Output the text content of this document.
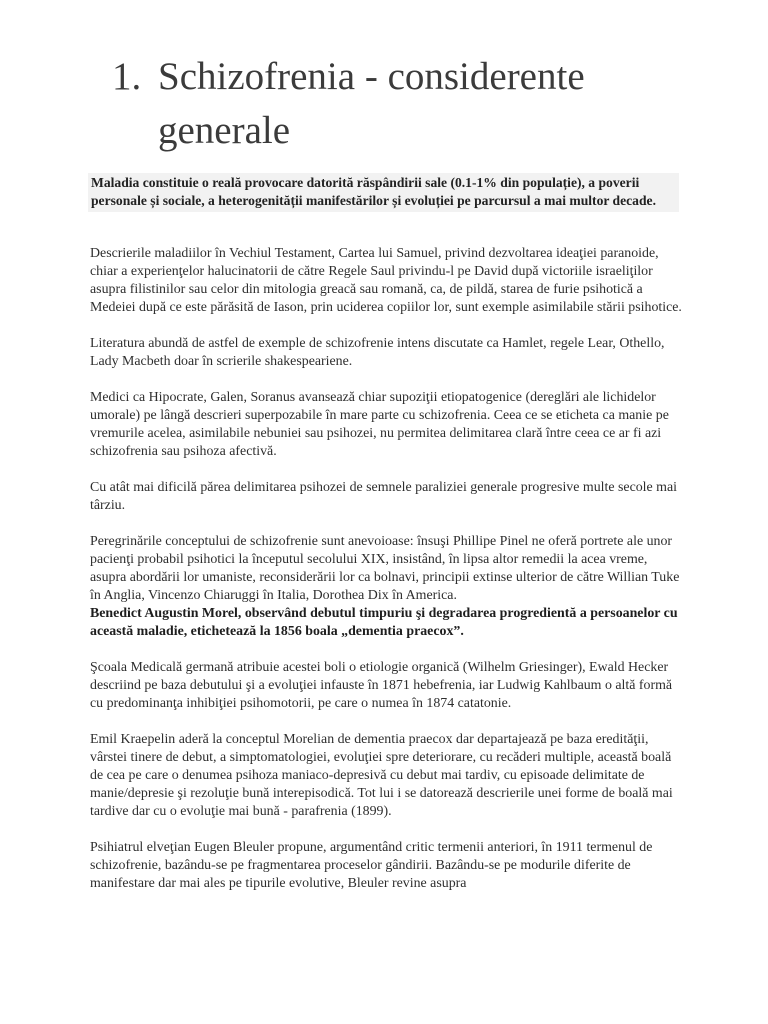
1. Schizofrenia - considerente generale
Maladia constituie o reală provocare datorită răspândirii sale (0.1-1% din populație), a poverii personale și sociale, a heterogenității manifestărilor și evoluției pe parcursul a mai multor decade.

Descrierile maladiilor în Vechiul Testament, Cartea lui Samuel, privind dezvoltarea ideaţiei paranoide, chiar a experienţelor halucinatorii de către Regele Saul privindu-l pe David după victoriile israeliţilor asupra filistinilor sau celor din mitologia greacă sau romană, ca, de pildă, starea de furie psihotică a Medeiei după ce este părăsită de Iason, prin uciderea copiilor lor, sunt exemple asimilabile stării psihotice.

Literatura abundă de astfel de exemple de schizofrenie intens discutate ca Hamlet, regele Lear, Othello, Lady Macbeth doar în scrierile shakespeariene.

Medici ca Hipocrate, Galen, Soranus avansează chiar supoziţii etiopatogenice (dereglări ale lichidelor umorale) pe lângă descrieri superpozabile în mare parte cu schizofrenia. Ceea ce se eticheta ca manie pe vremurile acelea, asimilabile nebuniei sau psihozei, nu permitea delimitarea clară între ceea ce ar fi azi schizofrenia sau psihoza afectivă.

Cu atât mai dificilă părea delimitarea psihozei de semnele paraliziei generale progresive multe secole mai târziu.

Peregrinările conceptului de schizofrenie sunt anevoioase: însuşi Phillipe Pinel ne oferă portrete ale unor pacienţi probabil psihotici la începutul secolului XIX, insistând, în lipsa altor remedii la acea vreme, asupra abordării lor umaniste, reconsiderării lor ca bolnavi, principii extinse ulterior de către Willian Tuke în Anglia, Vincenzo Chiaruggi în Italia, Dorothea Dix în America.
Benedict Augustin Morel, observând debutul timpuriu şi degradarea progredientă a persoanelor cu această maladie, etichetează la 1856 boala „dementia praecox”.

Şcoala Medicală germană atribuie acestei boli o etiologie organică (Wilhelm Griesinger), Ewald Hecker descriind pe baza debutului şi a evoluţiei infauste în 1871 hebefrenia, iar Ludwig Kahlbaum o altă formă cu predominanţa inhibiţiei psihomotorii, pe care o numea în 1874 catatonie.

Emil Kraepelin aderă la conceptul Morelian de dementia praecox dar departajează pe baza eredităţii, vârstei tinere de debut, a simptomatologiei, evoluţiei spre deteriorare, cu recăderi multiple, această boală de cea pe care o denumea psihoza maniaco-depresivă cu debut mai tardiv, cu episoade delimitate de manie/depresie şi rezoluţie bună interepisodică. Tot lui i se datorează descrierile unei forme de boală mai tardive dar cu o evoluţie mai bună - parafrenia (1899).

Psihiatrul elveţian Eugen Bleuler propune, argumentând critic termenii anteriori, în 1911 termenul de schizofrenie, bazându-se pe fragmentarea proceselor gândirii. Bazându-se pe modurile diferite de manifestare dar mai ales pe tipurile evolutive, Bleuler revine asupra
